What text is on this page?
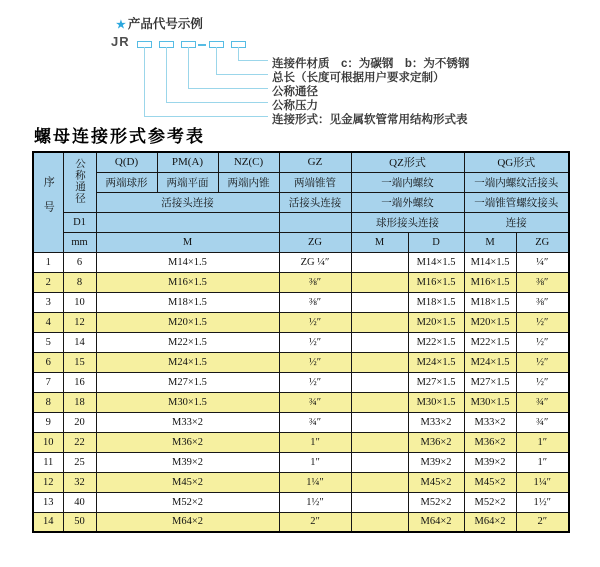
★ 产品代号示例
JR
连接件材质　c：为碳钢　b：为不锈钢
总长（长度可根据用户要求定制）
公称通径
公称压力
连接形式：见金属软管常用结构形式表
螺母连接形式参考表
序号	公称通径	Q(D)	PM(A)	NZ(C)	GZ	QZ形式		QG形式	
		两端球形	两端平面	两端内锥	两端锥管	一端内螺纹		一端内螺纹活接头	
		活接头连接			活接头连接	一端外螺纹		一端锥管螺纹接头	
	D1					球形接头连接		连接	
	mm	M			ZG	M	D	M	ZG
1	6	M14×1.5			ZG ¼″		M14×1.5	M14×1.5	¼″
2	8	M16×1.5			⅜″		M16×1.5	M16×1.5	⅜″
3	10	M18×1.5			⅜″		M18×1.5	M18×1.5	⅜″
4	12	M20×1.5			½″		M20×1.5	M20×1.5	½″
5	14	M22×1.5			½″		M22×1.5	M22×1.5	½″
6	15	M24×1.5			½″		M24×1.5	M24×1.5	½″
7	16	M27×1.5			½″		M27×1.5	M27×1.5	½″
8	18	M30×1.5			¾″		M30×1.5	M30×1.5	¾″
9	20	M33×2			¾″		M33×2	M33×2	¾″
10	22	M36×2			1″		M36×2	M36×2	1″
11	25	M39×2			1″		M39×2	M39×2	1″
12	32	M45×2			1¼″		M45×2	M45×2	1¼″
13	40	M52×2			1½″		M52×2	M52×2	1½″
14	50	M64×2			2″		M64×2	M64×2	2″
